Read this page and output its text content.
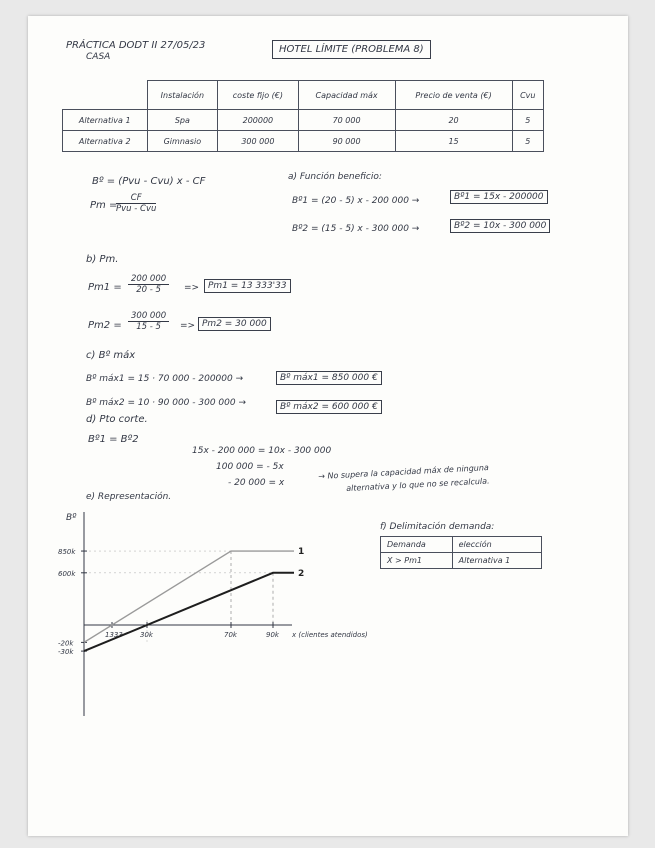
PRÁCTICA DODT II 27/05/23
CASA
HOTEL LÍMITE (PROBLEMA 8)
	Instalación	coste fijo (€)	Capacidad máx	Precio de venta (€)	Cvu
Alternativa 1	Spa	200000	70 000	20	5
Alternativa 2	Gimnasio	300 000	90 000	15	5
Bº = (Pvu - Cvu) x - CF
Pm =
CF
Pvu - Cvu
a) Función beneficio:
Bº1 = (20 - 5) x - 200 000 →	Bº1 = 15x - 200000
Bº2 = (15 - 5) x - 300 000 →	Bº2 = 10x - 300 000
b) Pm.
$Pm1 = \frac{200 000}{20 - 5} => Pm1 = 13$ 333'33
$Pm2 = \frac{300 000}{15 - 5} => Pm2 = 30$ 000
c) Bº máx
Bº máx1 = 15 · 70 000 - 200000 →	Bº máx1 = 850 000 €
Bº máx2 = 10 · 90 000 - 300 000 →	Bº máx2 = 600 000 €
d) Pto corte.
Bº1 = Bº2
15x - 200 000 = 10x - 300 000
100 000 = - 5x
- 20 000 = x
→ No supera la capacidad máx de ninguna
alternativa y lo que no se recalcula.
e) Representación.
Bº
x (clientes atendidos)
1333 30k	70k	90k
850k
600k
-20k
-30k
1
2
f) Delimitación demanda:
Demanda	elección
X > Pm1	Alternativa 1
